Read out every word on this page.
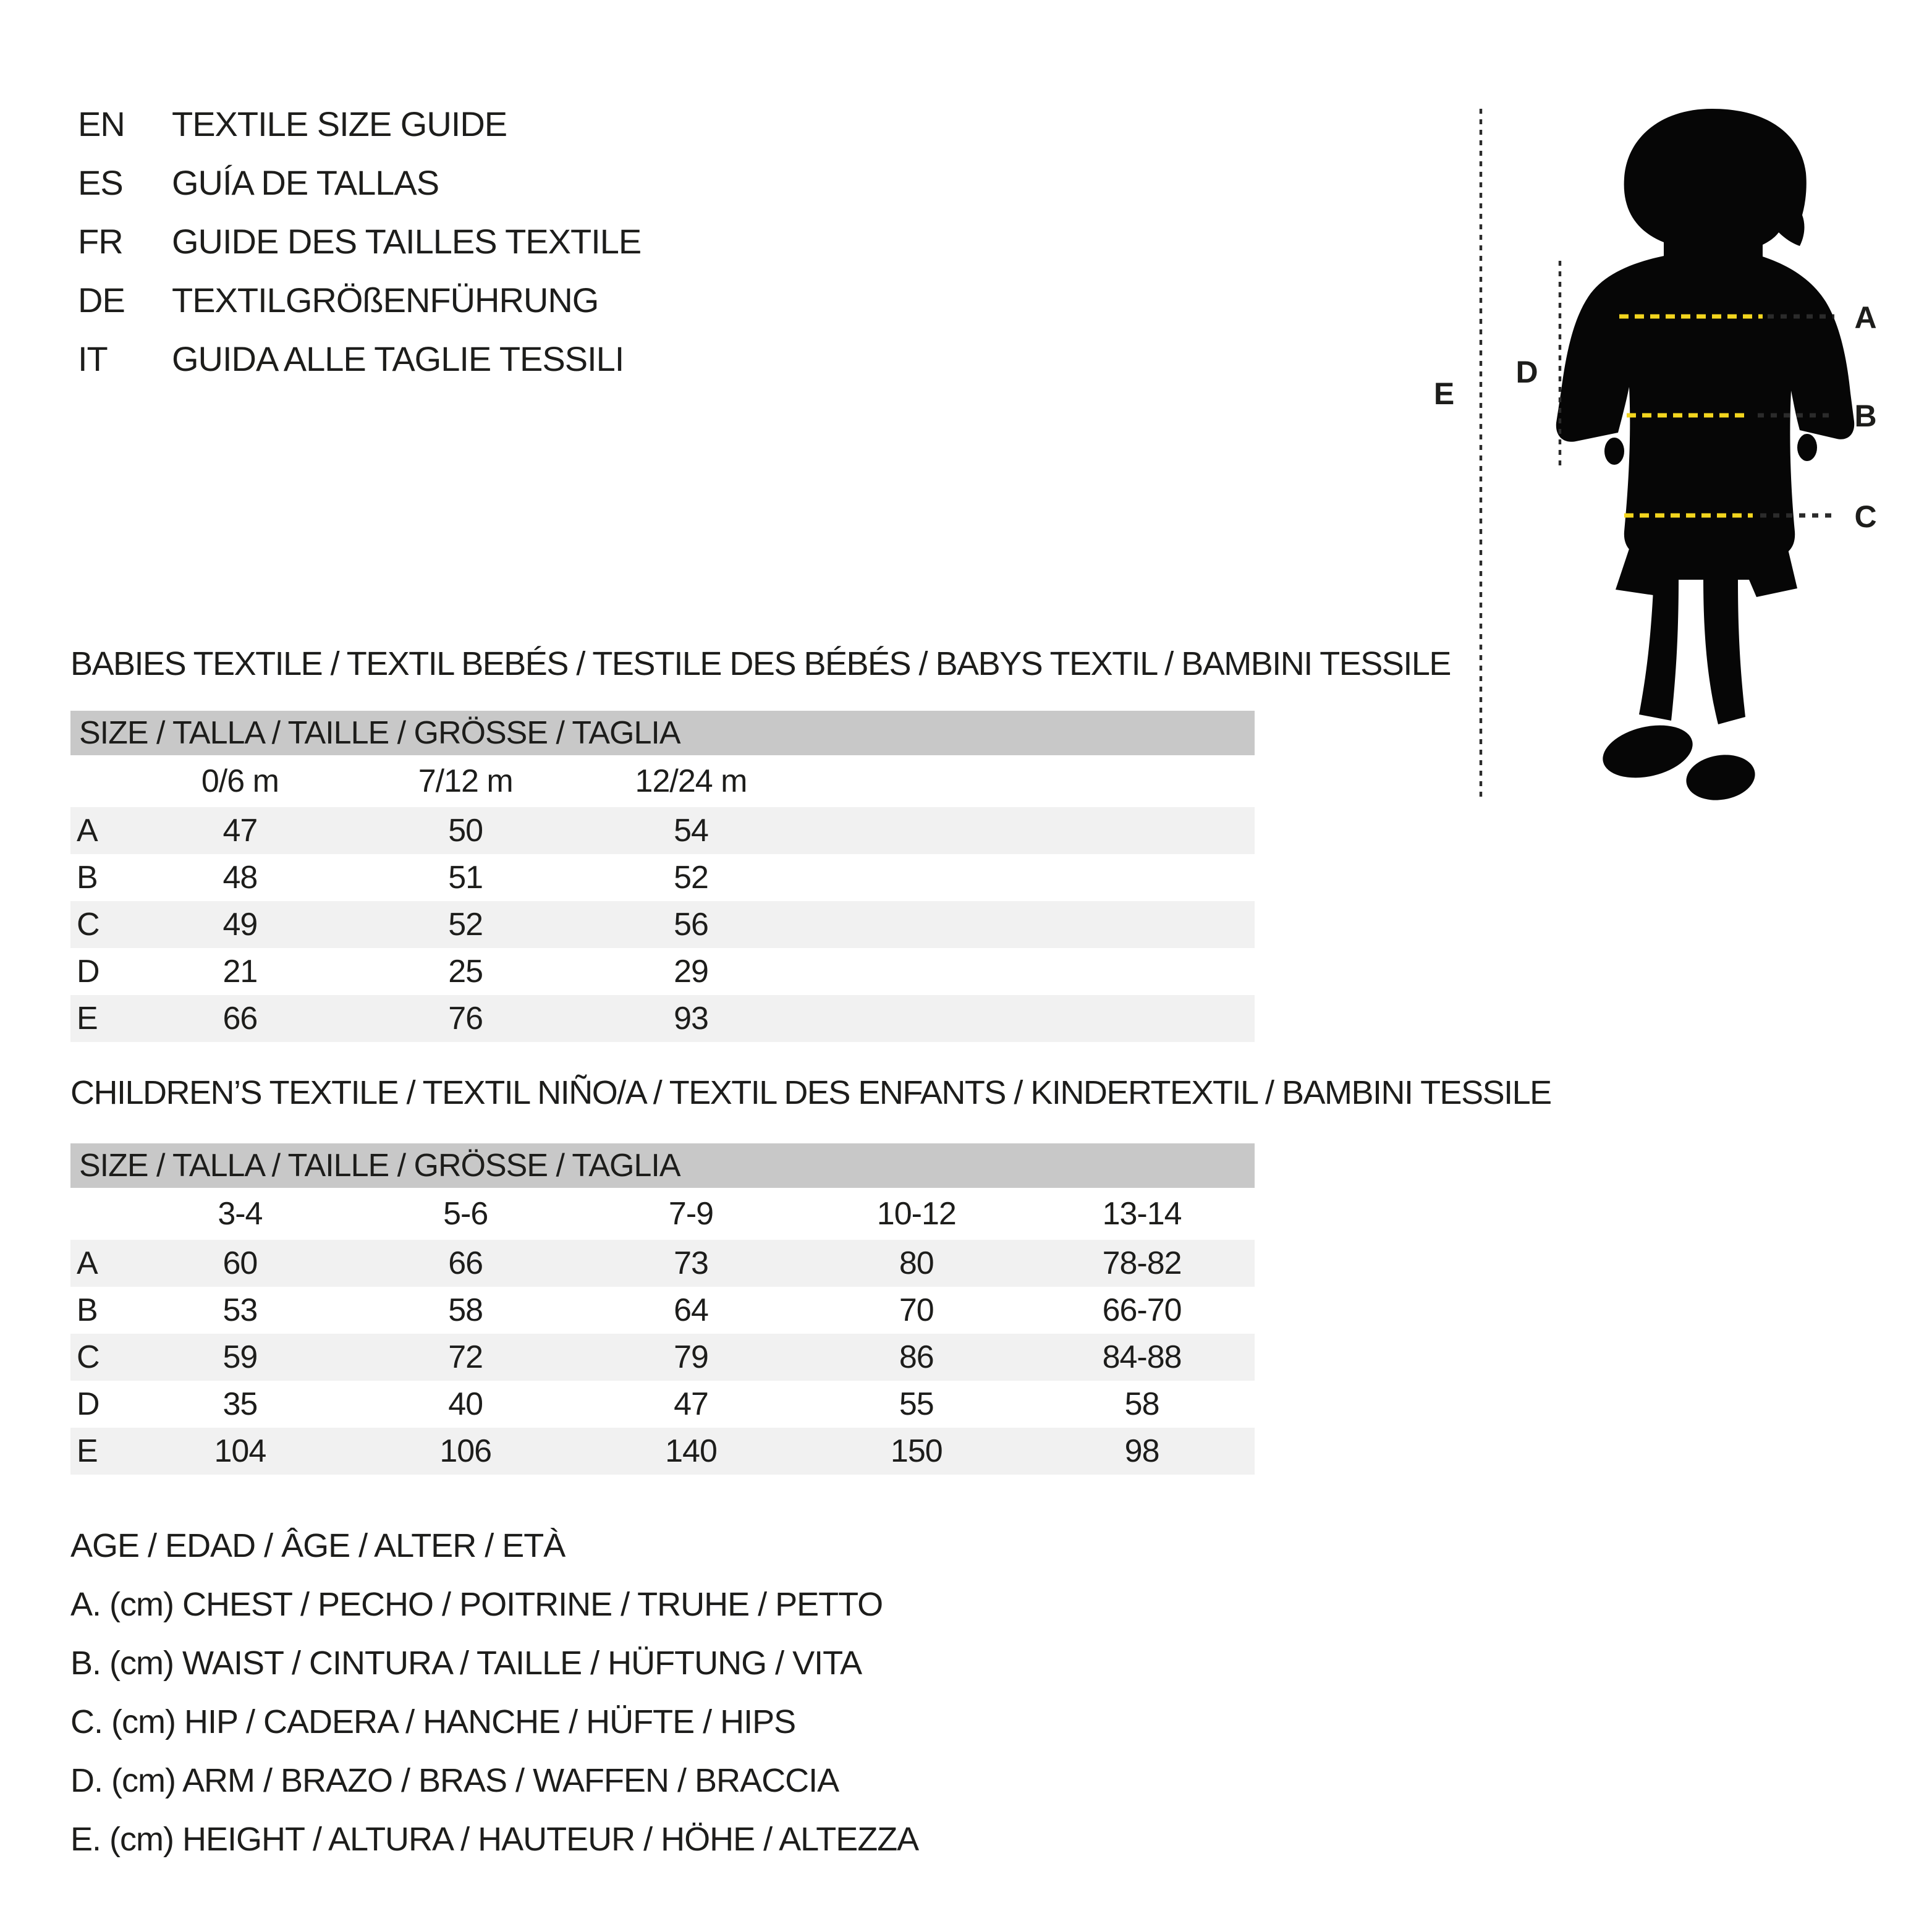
EN	TEXTILE SIZE GUIDE
ES	GUÍA DE TALLAS
FR	GUIDE DES TAILLES TEXTILE
DE	TEXTILGRÖßENFÜHRUNG
IT	GUIDA ALLE TAGLIE TESSILI
A
B
C
D
E
BABIES TEXTILE / TEXTIL BEBÉS / TESTILE DES BÉBÉS / BABYS TEXTIL / BAMBINI TESSILE
SIZE / TALLA / TAILLE / GRÖSSE / TAGLIA
	0/6 m	7/12 m	12/24 m		
A	47	50	54		
B	48	51	52		
C	49	52	56		
D	21	25	29		
E	66	76	93		
CHILDREN’S TEXTILE / TEXTIL NIÑO/A / TEXTIL DES ENFANTS / KINDERTEXTIL / BAMBINI TESSILE
SIZE / TALLA / TAILLE / GRÖSSE / TAGLIA
	3-4	5-6	7-9	10-12	13-14
A	60	66	73	80	78-82
B	53	58	64	70	66-70
C	59	72	79	86	84-88
D	35	40	47	55	58
E	104	106	140	150	98
AGE / EDAD / ÂGE / ALTER / ETÀ
A. (cm) CHEST / PECHO / POITRINE / TRUHE / PETTO
B. (cm) WAIST / CINTURA / TAILLE / HÜFTUNG / VITA
C. (cm) HIP / CADERA / HANCHE / HÜFTE / HIPS
D. (cm) ARM / BRAZO / BRAS / WAFFEN / BRACCIA
E. (cm) HEIGHT / ALTURA / HAUTEUR / HÖHE / ALTEZZA
